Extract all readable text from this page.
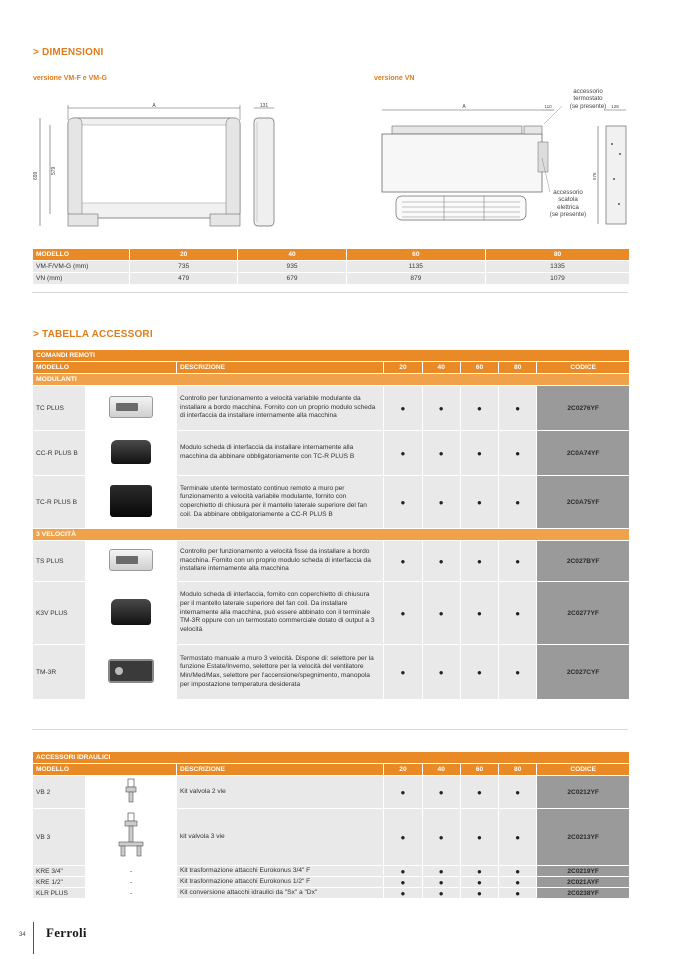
> DIMENSIONI
versione VM-F e VM-G	versione VN
A
699
579
131	A	110	128
576
accessorio
termostato
(se presente)
accessorio
scatola
elettrica
(se presente)
MODELLO	20	40	60	80
VM-F/VM-G (mm)	735	935	1135	1335
VN (mm)	479	679	879	1079
> TABELLA ACCESSORI
COMANDI REMOTI							
MODELLO		DESCRIZIONE	20	40	60	80	CODICE
MODULANTI							
TC PLUS		Controllo per funzionamento a velocità variabile modulante da installare a bordo macchina. Fornito con un proprio modulo scheda di interfaccia da installare internamente alla macchina	●	●	●	●	2C0276YF
CC-R PLUS B		Modulo scheda di interfaccia da installare internamente alla macchina da abbinare obbligatoriamente con TC-R PLUS B	●	●	●	●	2C0A74YF
TC-R PLUS B		Terminale utente termostato continuo remoto a muro per funzionamento a velocità variabile modulante, fornito con coperchietto di chiusura per il mantello laterale superiore del fan coil. Da abbinare obbligatoriamente a CC-R PLUS B	●	●	●	●	2C0A75YF
3 VELOCITÀ							
TS PLUS		Controllo per funzionamento a velocità fisse da installare a bordo macchina. Fornito con un proprio modulo scheda di interfaccia da installare internamente alla macchina	●	●	●	●	2C027BYF
K3V PLUS		Modulo scheda di interfaccia, fornito con coperchietto di chiusura per il mantello laterale superiore del fan coil. Da installare internamente alla macchina, può essere abbinato con il terminale TM-3R oppure con un termostato commerciale dotato di output a 3 velocità	●	●	●	●	2C0277YF
TM-3R		Termostato manuale a muro 3 velocità. Dispone di: selettore per la funzione Estate/Inverno, selettore per la velocità del ventilatore Min/Med/Max, selettore per l'accensione/spegnimento, manopola per impostazione temperatura desiderata	●	●	●	●	2C027CYF
ACCESSORI IDRAULICI							
MODELLO		DESCRIZIONE	20	40	60	80	CODICE
VB 2		Kit valvola 2 vie	●	●	●	●	2C0212YF
VB 3		kit valvola 3 vie	●	●	●	●	2C0213YF
KRE 3/4"	-	Kit trasformazione attacchi Eurokonus 3/4" F	●	●	●	●	2C0219YF
KRE 1/2"	-	Kit trasformazione attacchi Eurokonus 1/2" F	●	●	●	●	2C021AYF
KLR PLUS	-	Kit conversione attacchi idraulici da "Sx" a "Dx"	●	●	●	●	2C0238YF
34 Ferroli
